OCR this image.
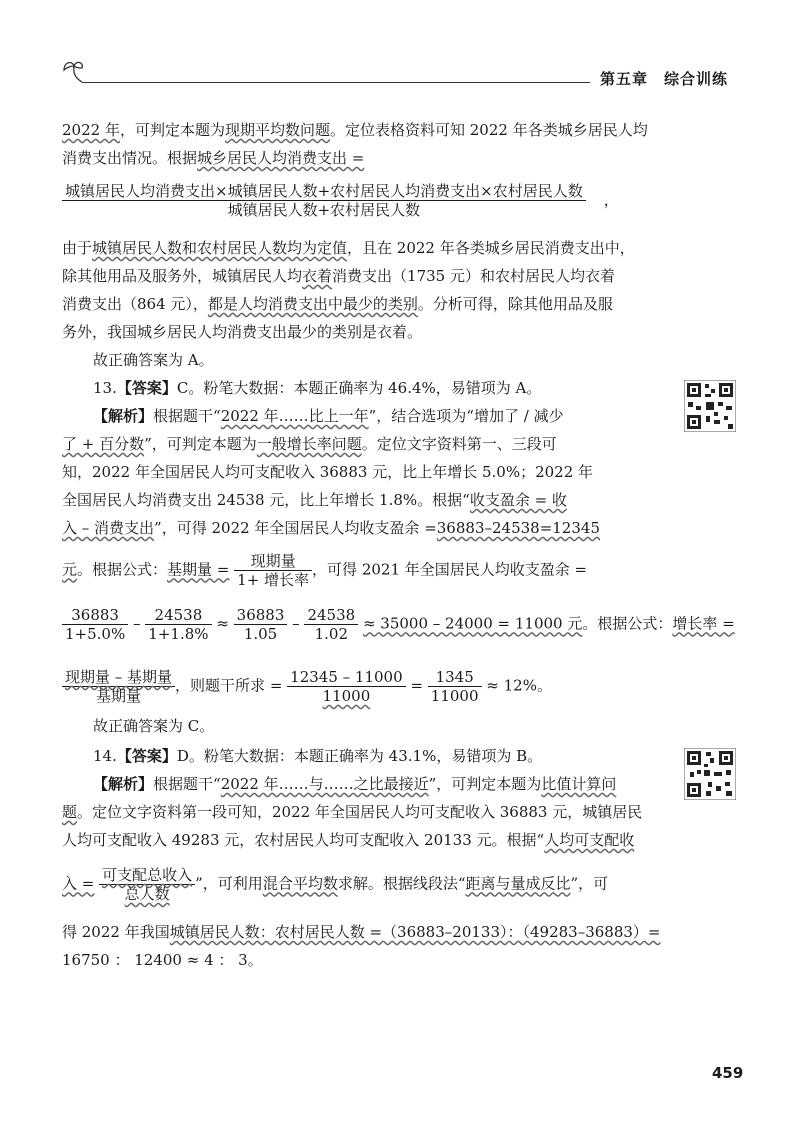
第五章 综合训练
2022 年，可判定本题为现期平均数问题。定位表格资料可知 2022 年各类城乡居民人均
消费支出情况。根据城乡居民人均消费支出 =
$\frac{\text{城镇居民人均消费支出×城镇居民人数+农村居民人均消费支出×农村居民人数}}{\text{城镇居民人数+农村居民人数}}$ ，
由于城镇居民人数和农村居民人数均为定值，且在 2022 年各类城乡居民消费支出中，
除其他用品及服务外，城镇居民人均衣着消费支出（1735 元）和农村居民人均衣着
消费支出（864 元），都是人均消费支出中最少的类别。分析可得，除其他用品及服
务外，我国城乡居民人均消费支出最少的类别是衣着。
故正确答案为 A。
13.【答案】C。粉笔大数据：本题正确率为 46.4%，易错项为 A。
【解析】根据题干“2022 年……比上一年”，结合选项为“增加了 / 减少
了 + 百分数”，可判定本题为一般增长率问题。定位文字资料第一、三段可
知，2022 年全国居民人均可支配收入 36883 元，比上年增长 5.0%；2022 年
全国居民人均消费支出 24538 元，比上年增长 1.8%。根据“收支盈余 = 收
入 – 消费支出”，可得 2022 年全国居民人均收支盈余 =36883–24538=12345
元。根据公式：基期量 = $\frac{\text{现期量}}{\text{1+ 增长率}}$ ，可得 2021 年全国居民人均收支盈余 =
$\frac{36883}{1+5.0\%} - \frac{24538}{1+1.8\%} \approx \frac{36883}{1.05} - \frac{24538}{1.02} \approx 35000 - 24000 = 11000$ 元。根据公式：增长率 =
$\frac{\text{现期量 – 基期量}}{\text{基期量}}$ ，则题干所求 = $\frac{12345 - 11000}{11000} = \frac{1345}{11000} \approx 12\%$。
故正确答案为 C。
14.【答案】D。粉笔大数据：本题正确率为 43.1%，易错项为 B。
【解析】根据题干“2022 年……与……之比最接近”，可判定本题为比值计算问
题。定位文字资料第一段可知，2022 年全国居民人均可支配收入 36883 元，城镇居民
人均可支配收入 49283 元，农村居民人均可支配收入 20133 元。根据“人均可支配收
入 = $\frac{\text{可支配总收入}}{\text{总人数}}$ ”，可利用混合平均数求解。根据线段法“距离与量成反比”，可
得 2022 年我国城镇居民人数：农村居民人数 =（36883–20133）：（49283–36883）=
16750 ： 12400 ≈ 4 ： 3。
459
